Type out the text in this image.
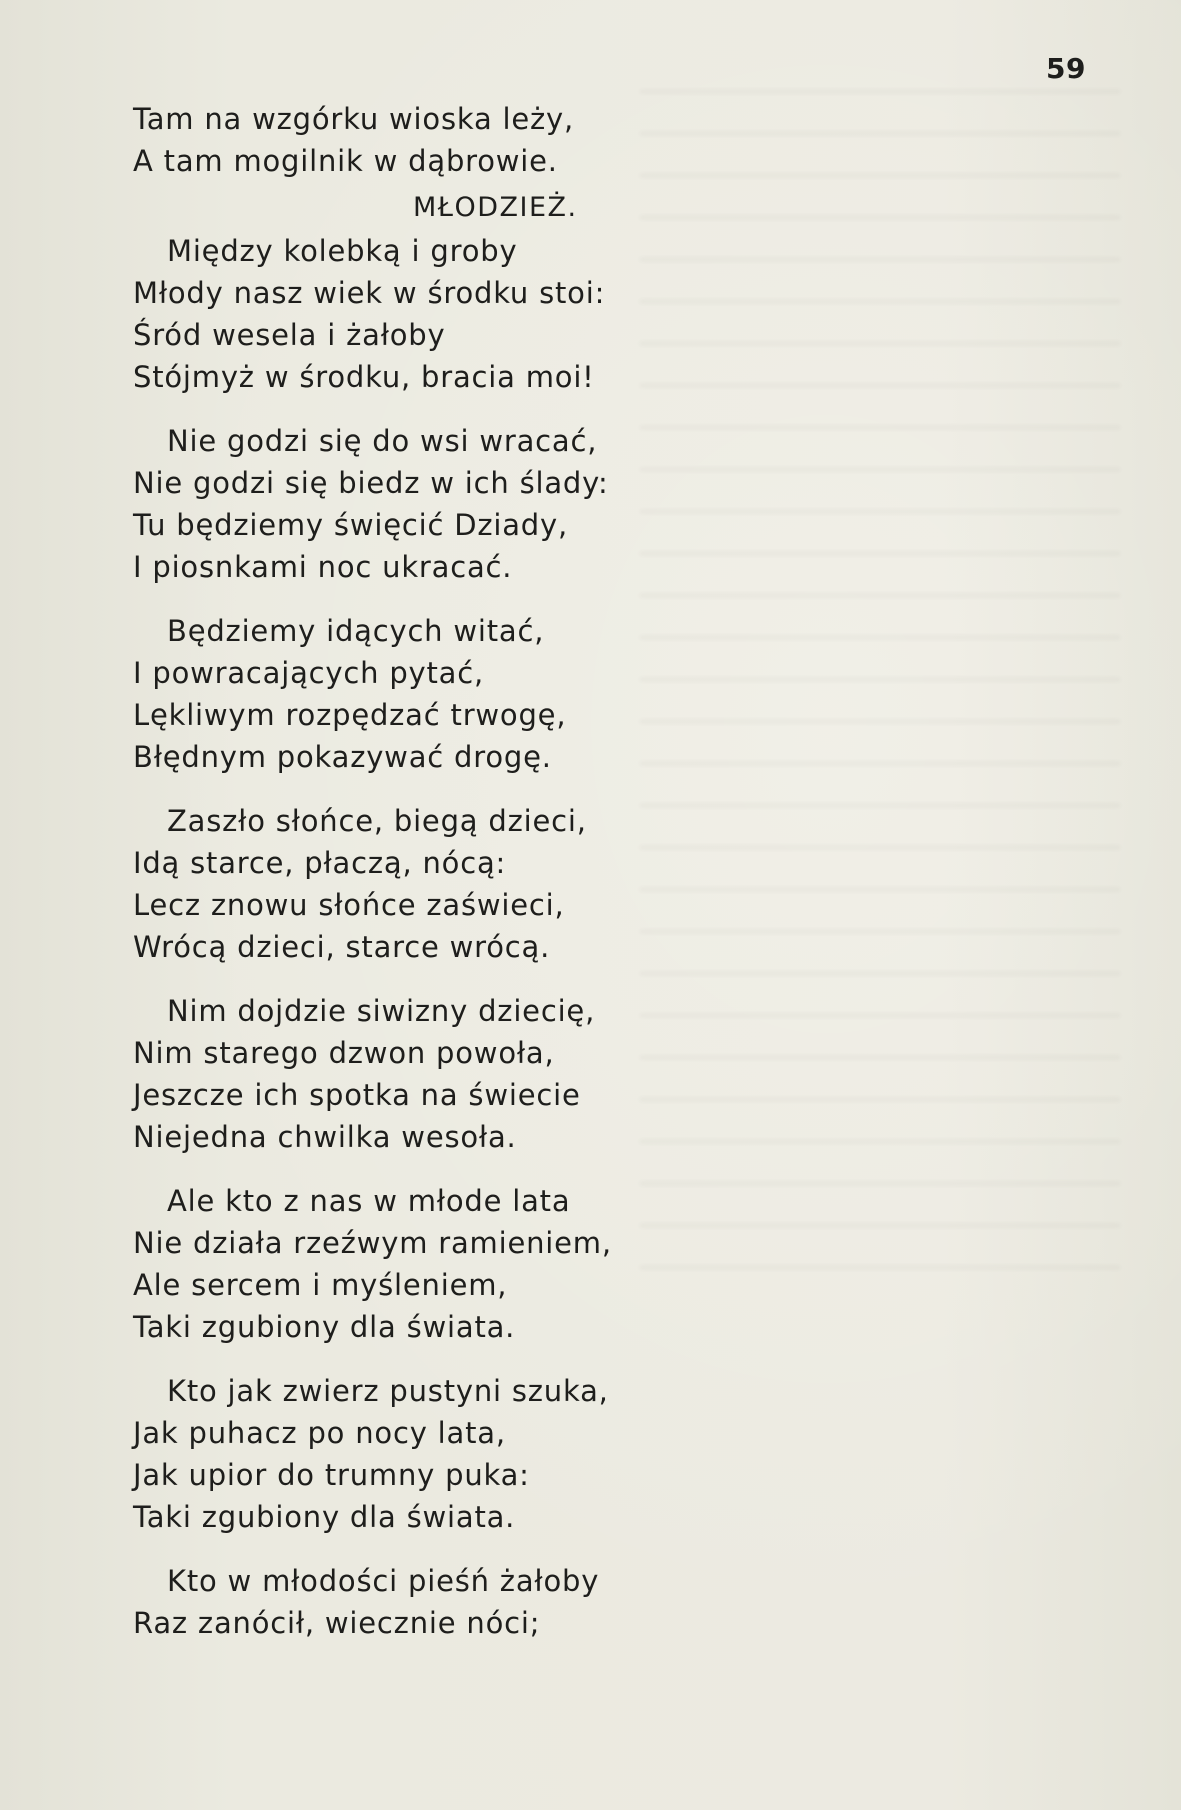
59

Tam na wzgórku wioska leży,
A tam mogilnik w dąbrowie.
MŁODZIEŻ.
Między kolebką i groby
Młody nasz wiek w środku stoi:
Śród wesela i żałoby
Stójmyż w środku, bracia moi!
Nie godzi się do wsi wracać,
Nie godzi się biedz w ich ślady:
Tu będziemy święcić Dziady,
I piosnkami noc ukracać.
Będziemy idących witać,
I powracających pytać,
Lękliwym rozpędzać trwogę,
Błędnym pokazywać drogę.
Zaszło słońce, biegą dzieci,
Idą starce, płaczą, nócą:
Lecz znowu słońce zaświeci,
Wrócą dzieci, starce wrócą.
Nim dojdzie siwizny dziecię,
Nim starego dzwon powoła,
Jeszcze ich spotka na świecie
Niejedna chwilka wesoła.
Ale kto z nas w młode lata
Nie działa rzeźwym ramieniem,
Ale sercem i myśleniem,
Taki zgubiony dla świata.
Kto jak zwierz pustyni szuka,
Jak puhacz po nocy lata,
Jak upior do trumny puka:
Taki zgubiony dla świata.
Kto w młodości pieśń żałoby
Raz zanócił, wiecznie nóci;
